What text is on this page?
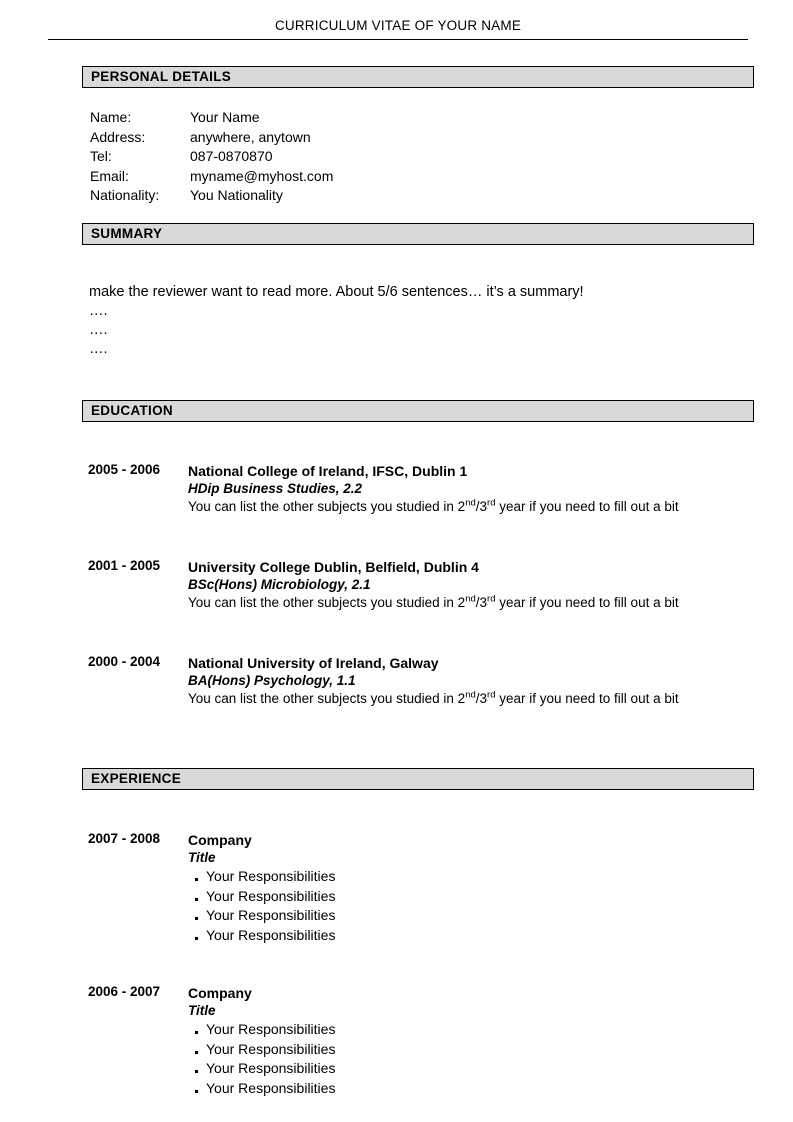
CURRICULUM VITAE OF YOUR NAME
PERSONAL DETAILS
Name:	Your Name
Address:	anywhere, anytown
Tel:	087-0870870
Email:	myname@myhost.com
Nationality:	You Nationality
SUMMARY
make the reviewer want to read more. About 5/6 sentences… it’s a summary!
….
….
….
EDUCATION
2005 - 2006	National College of Ireland, IFSC, Dublin 1
HDip Business Studies, 2.2
You can list the other subjects you studied in 2nd/3rd year if you need to fill out a bit
2001 - 2005	University College Dublin, Belfield, Dublin 4
BSc(Hons) Microbiology, 2.1
You can list the other subjects you studied in 2nd/3rd year if you need to fill out a bit
2000 - 2004	National University of Ireland, Galway
BA(Hons) Psychology, 1.1
You can list the other subjects you studied in 2nd/3rd year if you need to fill out a bit
EXPERIENCE
2007 - 2008	Company
Title
Your Responsibilities
Your Responsibilities
Your Responsibilities
Your Responsibilities
2006 - 2007	Company
Title
Your Responsibilities
Your Responsibilities
Your Responsibilities
Your Responsibilities
